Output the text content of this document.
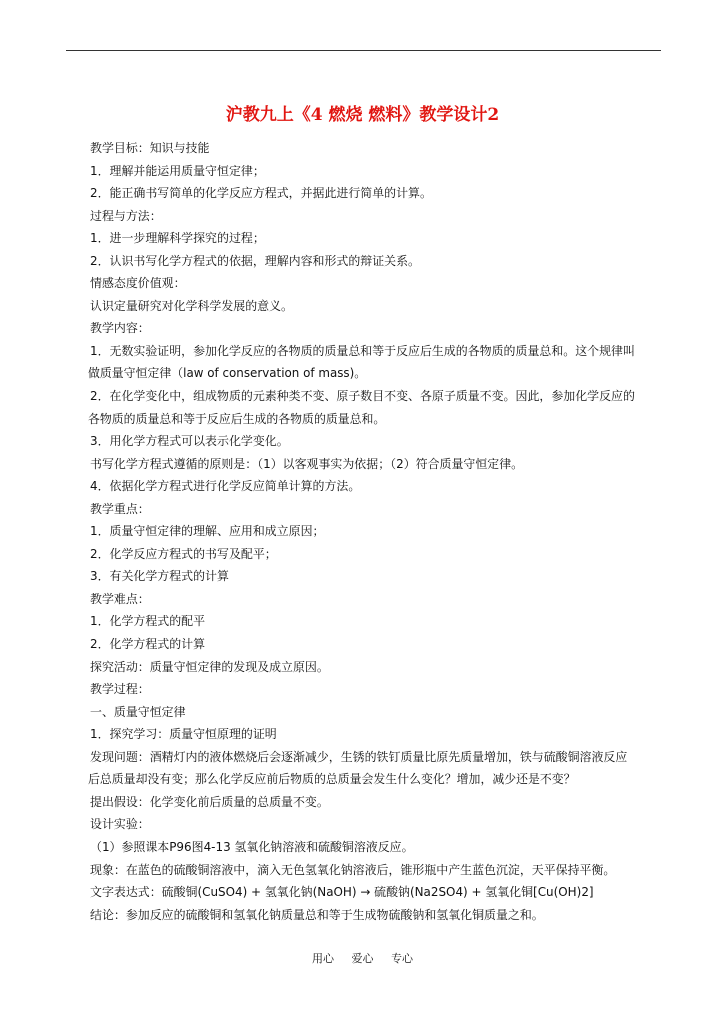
沪教九上《4 燃烧 燃料》教学设计2
教学目标：知识与技能
1．理解并能运用质量守恒定律；
2．能正确书写简单的化学反应方程式，并据此进行简单的计算。
过程与方法：
1．进一步理解科学探究的过程；
2．认识书写化学方程式的依据，理解内容和形式的辩证关系。
情感态度价值观：
认识定量研究对化学科学发展的意义。
教学内容：
1．无数实验证明，参加化学反应的各物质的质量总和等于反应后生成的各物质的质量总和。这个规律叫
做质量守恒定律（law of conservation of mass)。
2．在化学变化中，组成物质的元素种类不变、原子数目不变、各原子质量不变。因此，参加化学反应的
各物质的质量总和等于反应后生成的各物质的质量总和。
3．用化学方程式可以表示化学变化。
书写化学方程式遵循的原则是：（1）以客观事实为依据；（2）符合质量守恒定律。
4．依据化学方程式进行化学反应简单计算的方法。
教学重点：
1．质量守恒定律的理解、应用和成立原因；
2．化学反应方程式的书写及配平；
3．有关化学方程式的计算
教学难点：
1．化学方程式的配平
2．化学方程式的计算
探究活动：质量守恒定律的发现及成立原因。
教学过程：
一、质量守恒定律
1．探究学习：质量守恒原理的证明
发现问题：酒精灯内的液体燃烧后会逐渐减少，生锈的铁钉质量比原先质量增加，铁与硫酸铜溶液反应
后总质量却没有变；那么化学反应前后物质的总质量会发生什么变化？增加，减少还是不变？
提出假设：化学变化前后质量的总质量不变。
设计实验：
（1）参照课本P96图4-13 氢氧化钠溶液和硫酸铜溶液反应。
现象：在蓝色的硫酸铜溶液中，滴入无色氢氧化钠溶液后，锥形瓶中产生蓝色沉淀，天平保持平衡。
文字表达式：硫酸铜(CuSO4) + 氢氧化钠(NaOH) → 硫酸钠(Na2SO4) + 氢氧化铜[Cu(OH)2]
结论：参加反应的硫酸铜和氢氧化钠质量总和等于生成物硫酸钠和氢氧化铜质量之和。
用心 爱心 专心
